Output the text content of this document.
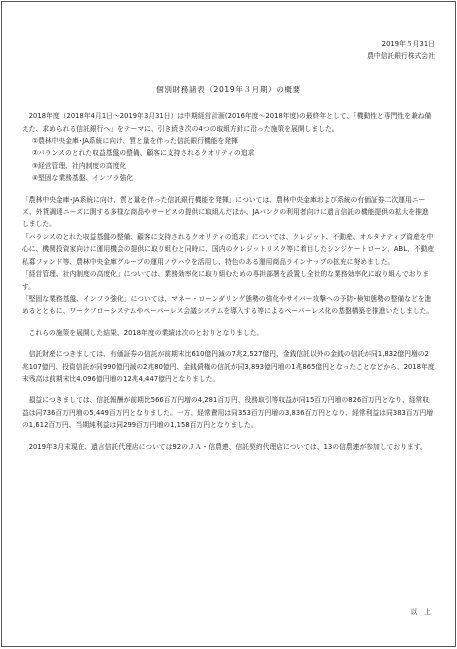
2019年５月31日
農中信託銀行株式会社
個別財務諸表（2019年３月期）の概要

2018年度（2018年4月1日～2019年3月31日）は中期経営計画(2016年度～2018年度)の最終年として、「機動性と専門性を兼ね備えた、求められる信託銀行へ」をテーマに、引き続き次の4つの取組方針に沿った施策を展開しました。

①農林中央金庫･JA系統に向け、質と量を伴った信託銀行機能を発揮
②バランスのとれた収益基盤の整備、顧客に支持されるクオリティの追求
③経営管理、社内制度の高度化
④堅固な業務基盤、インフラ強化

「農林中央金庫･JA系統に向け、質と量を伴った信託銀行機能を発揮」については、農林中央金庫および系統の有価証券二次運用ニーズ、外貨調達ニーズに関する多様な商品やサービスの提供に取組んだほか、JAバンクの利用者向けに遺言信託の機能提供の拡大を推進しました。

「バランスのとれた収益基盤の整備、顧客に支持されるクオリティの追求」については、クレジット、不動産、オルタナティブ資産を中心に、機関投資家向けに運用機会の提供に取り組むと同時に、国内のクレジットリスク等に着目したシンジケートローン、ABL、不動産私募ファンド等、農林中央金庫グループの運用ノウハウを活用し、特色のある運用商品ラインナップの拡充に努めました。

「経営管理、社内制度の高度化」については、業務効率化に取り組むための専担部署を設置し全社的な業務効率化に取り組んでおります。

「堅固な業務基盤、インフラ強化」については、マネー・ローンダリング態勢の強化やサイバー攻撃への予防･検知態勢の整備などを進めるとともに、ワークフローシステムやペーパーレス会議システムを導入する等によるペーパーレス化の基盤構築を推進いたしました。

これらの施策を展開した結果、2018年度の業績は次のとおりとなりました。

信託財産につきましては、有価証券の信託が前期末比610億円減の7兆2,527億円、金銭信託以外の金銭の信託が同1,832億円増の2兆107億円、投資信託が同990億円減の2兆80億円、金銭債権の信託が同3,893億円増の1兆865億円となったことなどから、2018年度末残高は前期末比4,096億円増の12兆4,447億円となりました。

損益につきましては、信託報酬が前期比566百万円増の4,281百万円、役務取引等収益が同15百万円増の826百万円となり、経常収益は同736百万円増の5,449百万円となりました。一方、経常費用は同353百万円増の3,836百万円となり、経常利益は同383百万円増の1,612百万円、当期純利益は同299百万円増の1,158百万円となりました。

2019年3月末現在、遺言信託代理店については92のＪＡ・信農連、信託契約代理店については、13の信農連が参加しております。

以　上
